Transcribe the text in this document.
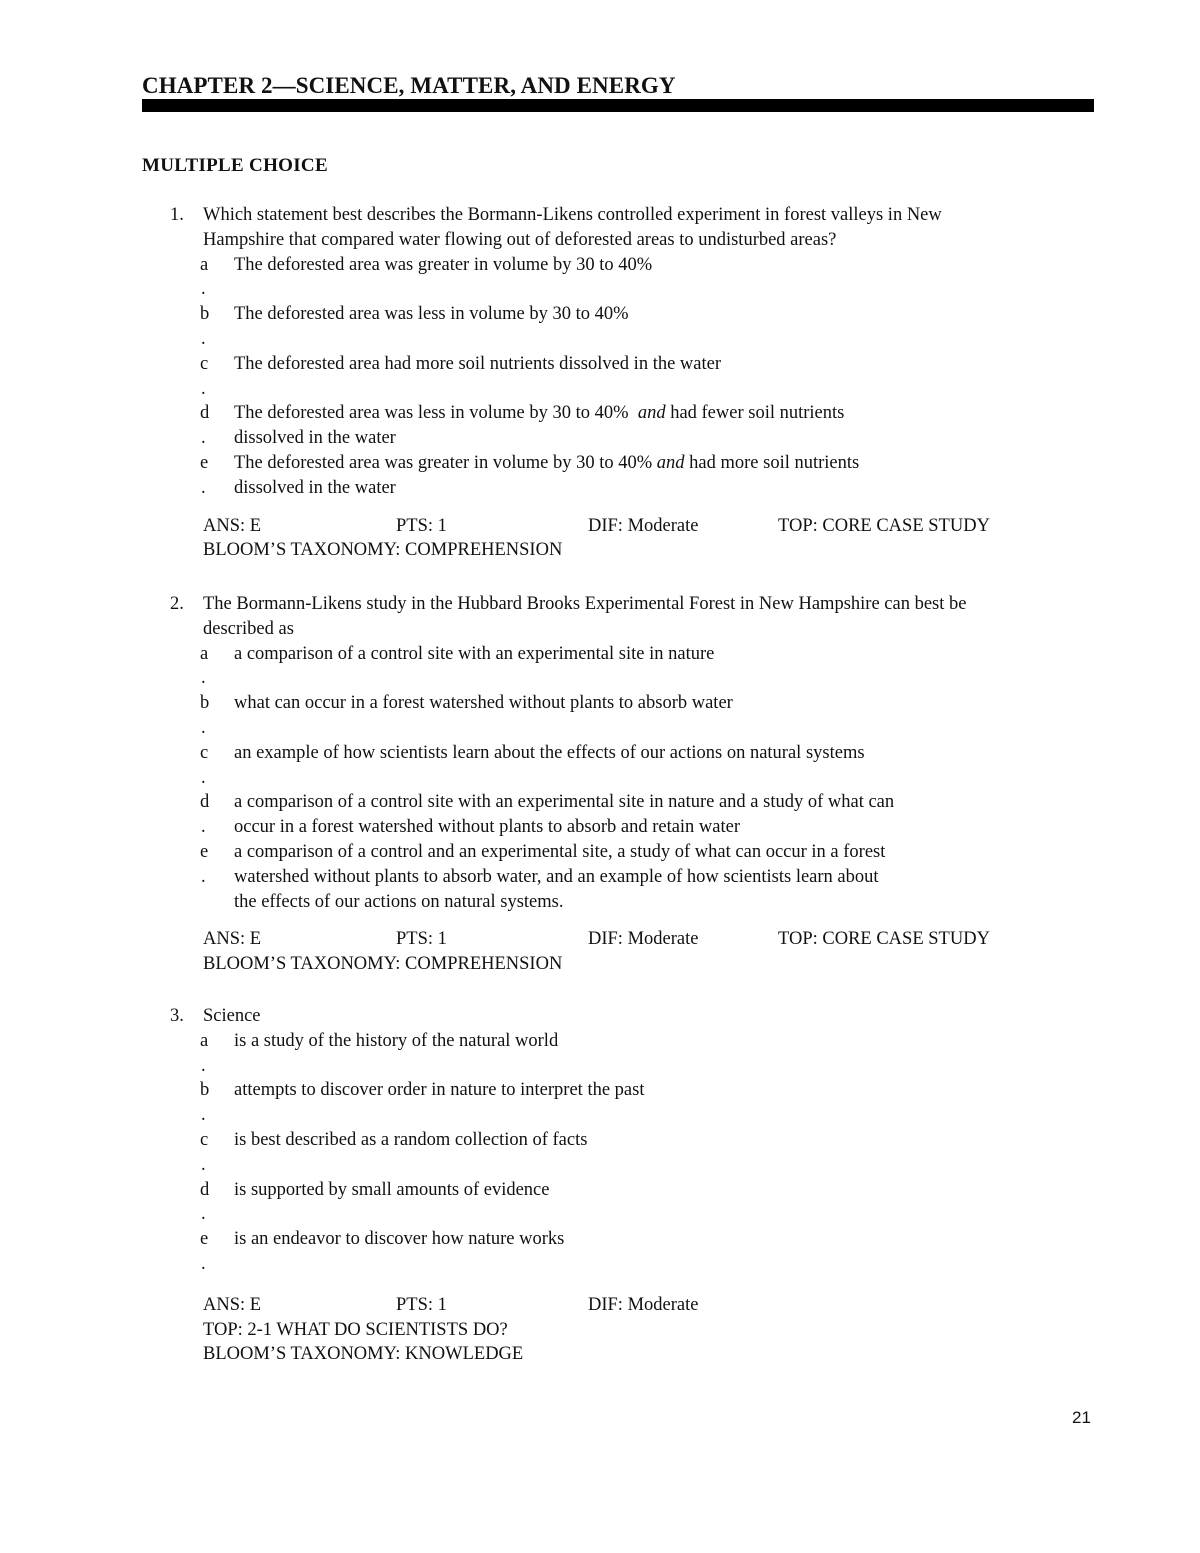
CHAPTER 2—SCIENCE, MATTER, AND ENERGY
MULTIPLE CHOICE
1. Which statement best describes the Bormann-Likens controlled experiment in forest valleys in New
Hampshire that compared water flowing out of deforested areas to undisturbed areas?
a
.
The deforested area was greater in volume by 30 to 40%
b
.
The deforested area was less in volume by 30 to 40%
c
.
The deforested area had more soil nutrients dissolved in the water
d
.
The deforested area was less in volume by 30 to 40% and had fewer soil nutrients
dissolved in the water
e
.
The deforested area was greater in volume by 30 to 40% and had more soil nutrients
dissolved in the water
ANS: E	PTS: 1	DIF: Moderate	TOP: CORE CASE STUDY
BLOOM’S TAXONOMY: COMPREHENSION
2. The Bormann-Likens study in the Hubbard Brooks Experimental Forest in New Hampshire can best be
described as
a
.
a comparison of a control site with an experimental site in nature
b
.
what can occur in a forest watershed without plants to absorb water
c
.
an example of how scientists learn about the effects of our actions on natural systems
d
.
a comparison of a control site with an experimental site in nature and a study of what can
occur in a forest watershed without plants to absorb and retain water
e
.
a comparison of a control and an experimental site, a study of what can occur in a forest
watershed without plants to absorb water, and an example of how scientists learn about
the effects of our actions on natural systems.
ANS: E	PTS: 1	DIF: Moderate	TOP: CORE CASE STUDY
BLOOM’S TAXONOMY: COMPREHENSION
3. Science
a
.
is a study of the history of the natural world
b
.
attempts to discover order in nature to interpret the past
c
.
is best described as a random collection of facts
d
.
is supported by small amounts of evidence
e
.
is an endeavor to discover how nature works
ANS: E	PTS: 1	DIF: Moderate
TOP: 2-1 WHAT DO SCIENTISTS DO?
BLOOM’S TAXONOMY: KNOWLEDGE
21
